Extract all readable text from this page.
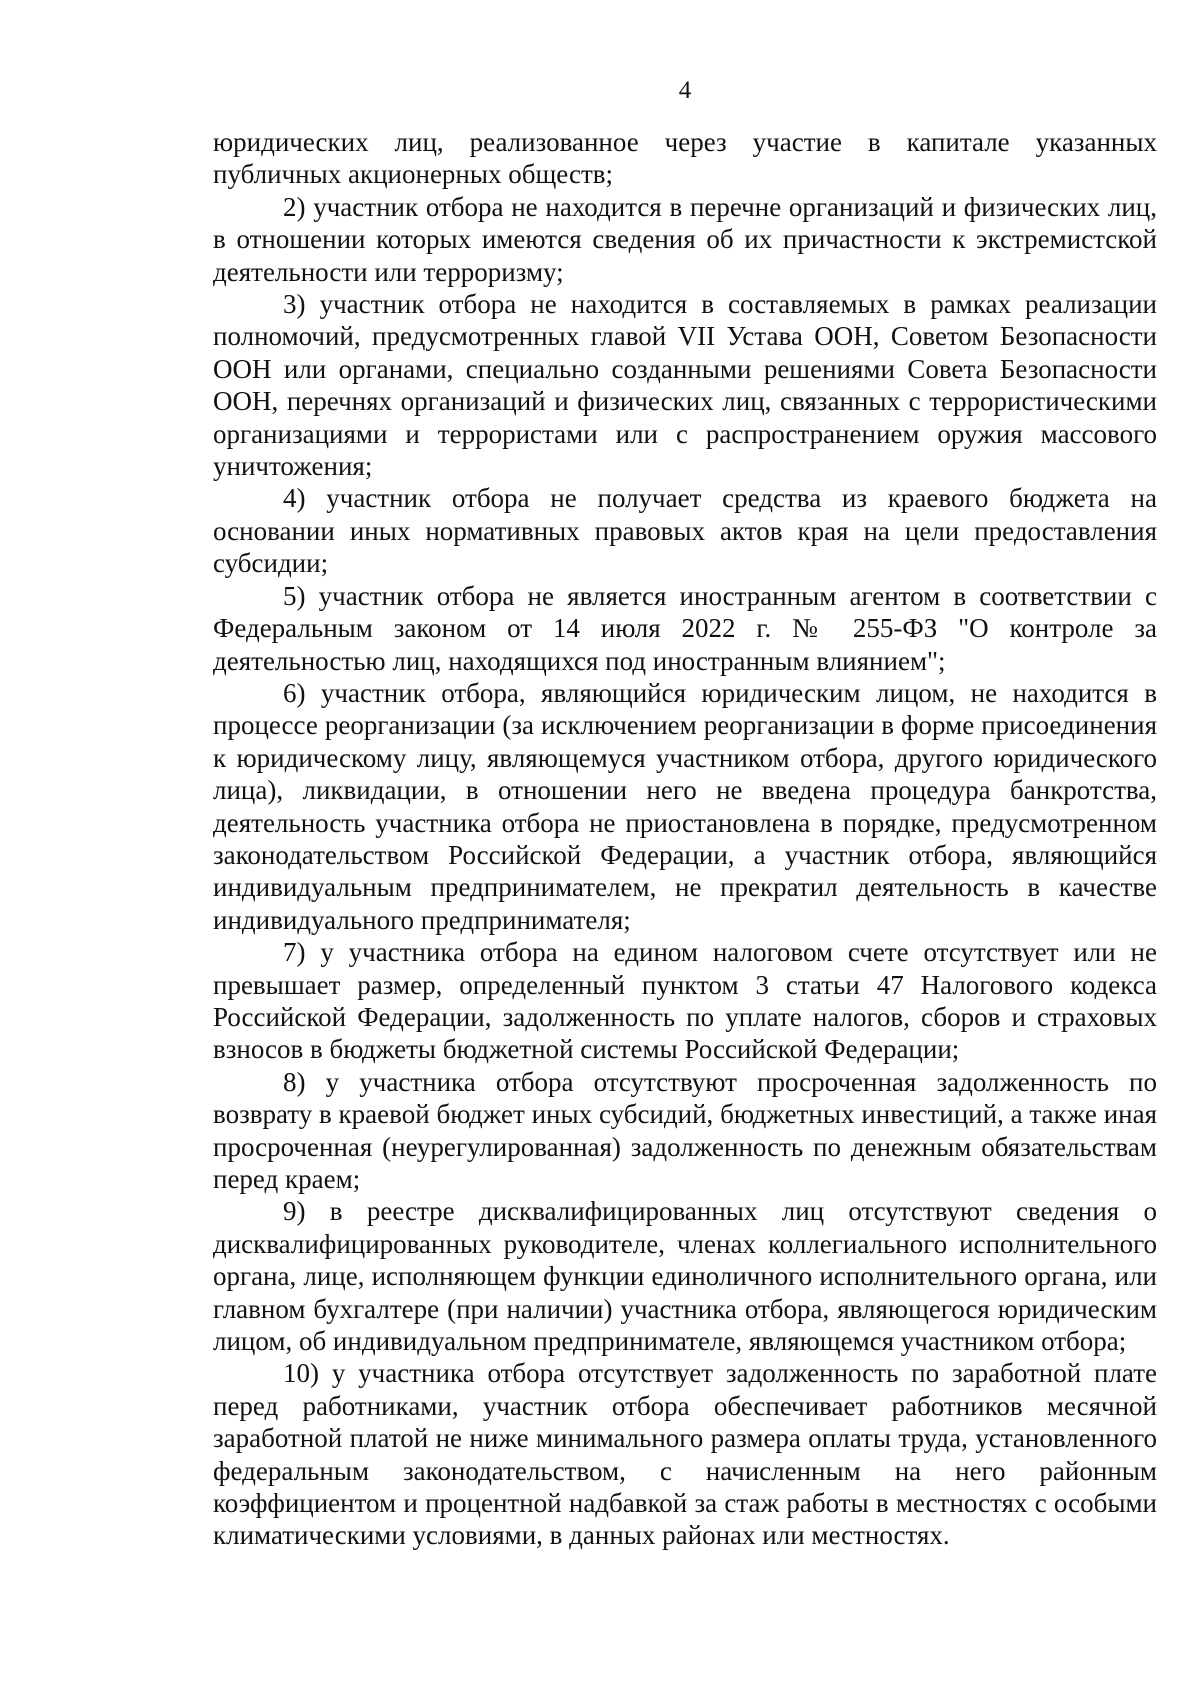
4

юридических лиц, реализованное через участие в капитале указанных публичных акционерных обществ;

2) участник отбора не находится в перечне организаций и физических лиц, в отношении которых имеются сведения об их причастности к экстремистской деятельности или терроризму;

3) участник отбора не находится в составляемых в рамках реализации полномочий, предусмотренных главой VII Устава ООН, Советом Безопасности ООН или органами, специально созданными решениями Совета Безопасности ООН, перечнях организаций и физических лиц, связанных с террористическими организациями и террористами или с распространением оружия массового уничтожения;

4) участник отбора не получает средства из краевого бюджета на основании иных нормативных правовых актов края на цели предоставления субсидии;

5) участник отбора не является иностранным агентом в соответствии с Федеральным законом от 14 июля 2022 г. № 255-ФЗ "О контроле за деятельностью лиц, находящихся под иностранным влиянием";

6) участник отбора, являющийся юридическим лицом, не находится в процессе реорганизации (за исключением реорганизации в форме присоединения к юридическому лицу, являющемуся участником отбора, другого юридического лица), ликвидации, в отношении него не введена процедура банкротства, деятельность участника отбора не приостановлена в порядке, предусмотренном законодательством Российской Федерации, а участник отбора, являющийся индивидуальным предпринимателем, не прекратил деятельность в качестве индивидуального предпринимателя;

7) у участника отбора на едином налоговом счете отсутствует или не превышает размер, определенный пунктом 3 статьи 47 Налогового кодекса Российской Федерации, задолженность по уплате налогов, сборов и страховых взносов в бюджеты бюджетной системы Российской Федерации;

8) у участника отбора отсутствуют просроченная задолженность по возврату в краевой бюджет иных субсидий, бюджетных инвестиций, а также иная просроченная (неурегулированная) задолженность по денежным обязательствам перед краем;

9) в реестре дисквалифицированных лиц отсутствуют сведения о дисквалифицированных руководителе, членах коллегиального исполнительного органа, лице, исполняющем функции единоличного исполнительного органа, или главном бухгалтере (при наличии) участника отбора, являющегося юридическим лицом, об индивидуальном предпринимателе, являющемся участником отбора;

10) у участника отбора отсутствует задолженность по заработной плате перед работниками, участник отбора обеспечивает работников месячной заработной платой не ниже минимального размера оплаты труда, установленного федеральным законодательством, с начисленным на него районным коэффициентом и процентной надбавкой за стаж работы в местностях с особыми климатическими условиями, в данных районах или местностях.
